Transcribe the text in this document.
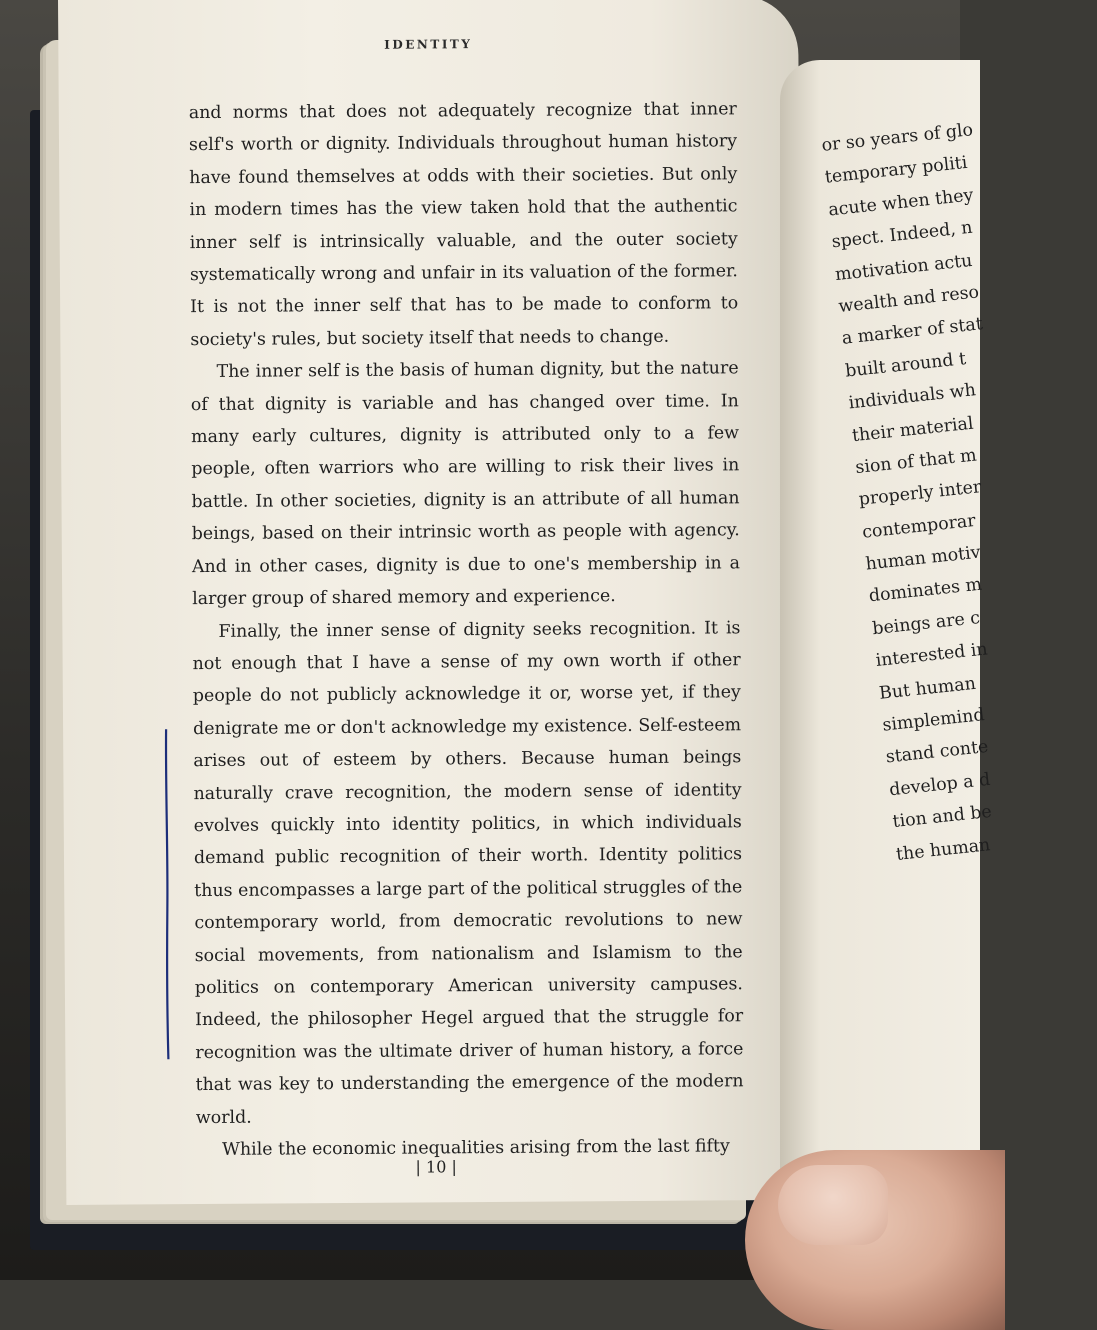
IDENTITY

and norms that does not adequately recognize that inner self's worth or dignity. Individuals throughout human history have found themselves at odds with their societies. But only in modern times has the view taken hold that the authentic inner self is intrinsically valuable, and the outer society systematically wrong and unfair in its valuation of the former. It is not the inner self that has to be made to conform to society's rules, but society itself that needs to change.

The inner self is the basis of human dignity, but the nature of that dignity is variable and has changed over time. In many early cultures, dignity is attributed only to a few people, often warriors who are willing to risk their lives in battle. In other societies, dignity is an attribute of all human beings, based on their intrinsic worth as people with agency. And in other cases, dignity is due to one's membership in a larger group of shared memory and experience.

Finally, the inner sense of dignity seeks recognition. It is not enough that I have a sense of my own worth if other people do not publicly acknowledge it or, worse yet, if they denigrate me or don't acknowledge my existence. Self-esteem arises out of esteem by others. Because human beings naturally crave recognition, the modern sense of identity evolves quickly into identity politics, in which individuals demand public recognition of their worth. Identity politics thus encompasses a large part of the political struggles of the contemporary world, from democratic revolutions to new social movements, from nationalism and Islamism to the politics on contemporary American university campuses. Indeed, the philosopher Hegel argued that the struggle for recognition was the ultimate driver of human history, a force that was key to understanding the emergence of the modern world.

While the economic inequalities arising from the last fifty

| 10 |
or so years of glo
temporary politi
acute when they
spect. Indeed, n
motivation actu
wealth and reso
a marker of stat
built around t
individuals wh
their material
sion of that m
properly inter
contemporar
human motiv
dominates m
beings are c
interested in
But human
simplemind
stand conte
develop a d
tion and be
the human
